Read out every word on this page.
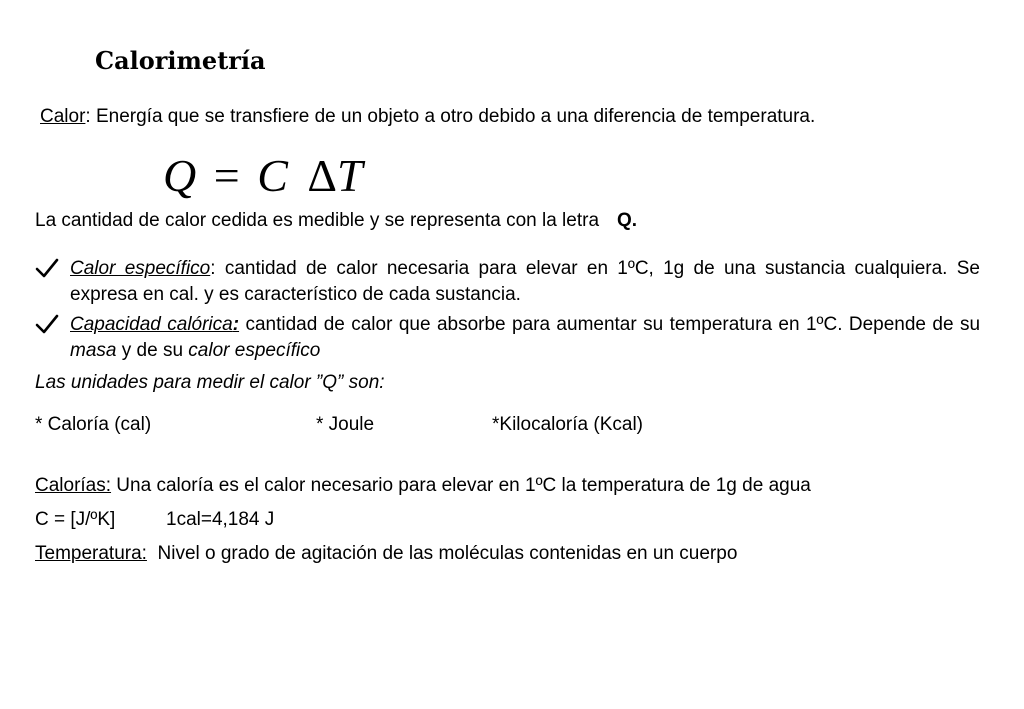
Calorimetría
Calor: Energía que se transfiere de un objeto a otro debido a una diferencia de temperatura.
Q = C ΔT
La cantidad de calor cedida es medible y se representa con la letra Q.
Calor específico: cantidad de calor necesaria para elevar en 1ºC, 1g de una sustancia cualquiera. Se expresa en cal. y es característico de cada sustancia.
Capacidad calórica: cantidad de calor que absorbe para aumentar su temperatura en 1ºC. Depende de su masa y de su calor específico
Las unidades para medir el calor ”Q” son:
* Caloría (cal)	* Joule	*Kilocaloría (Kcal)
Calorías: Una caloría es el calor necesario para elevar en 1ºC la temperatura de 1g de agua
C = [J/ºK]	1cal=4,184 J
Temperatura:  Nivel o grado de agitación de las moléculas contenidas en un cuerpo
